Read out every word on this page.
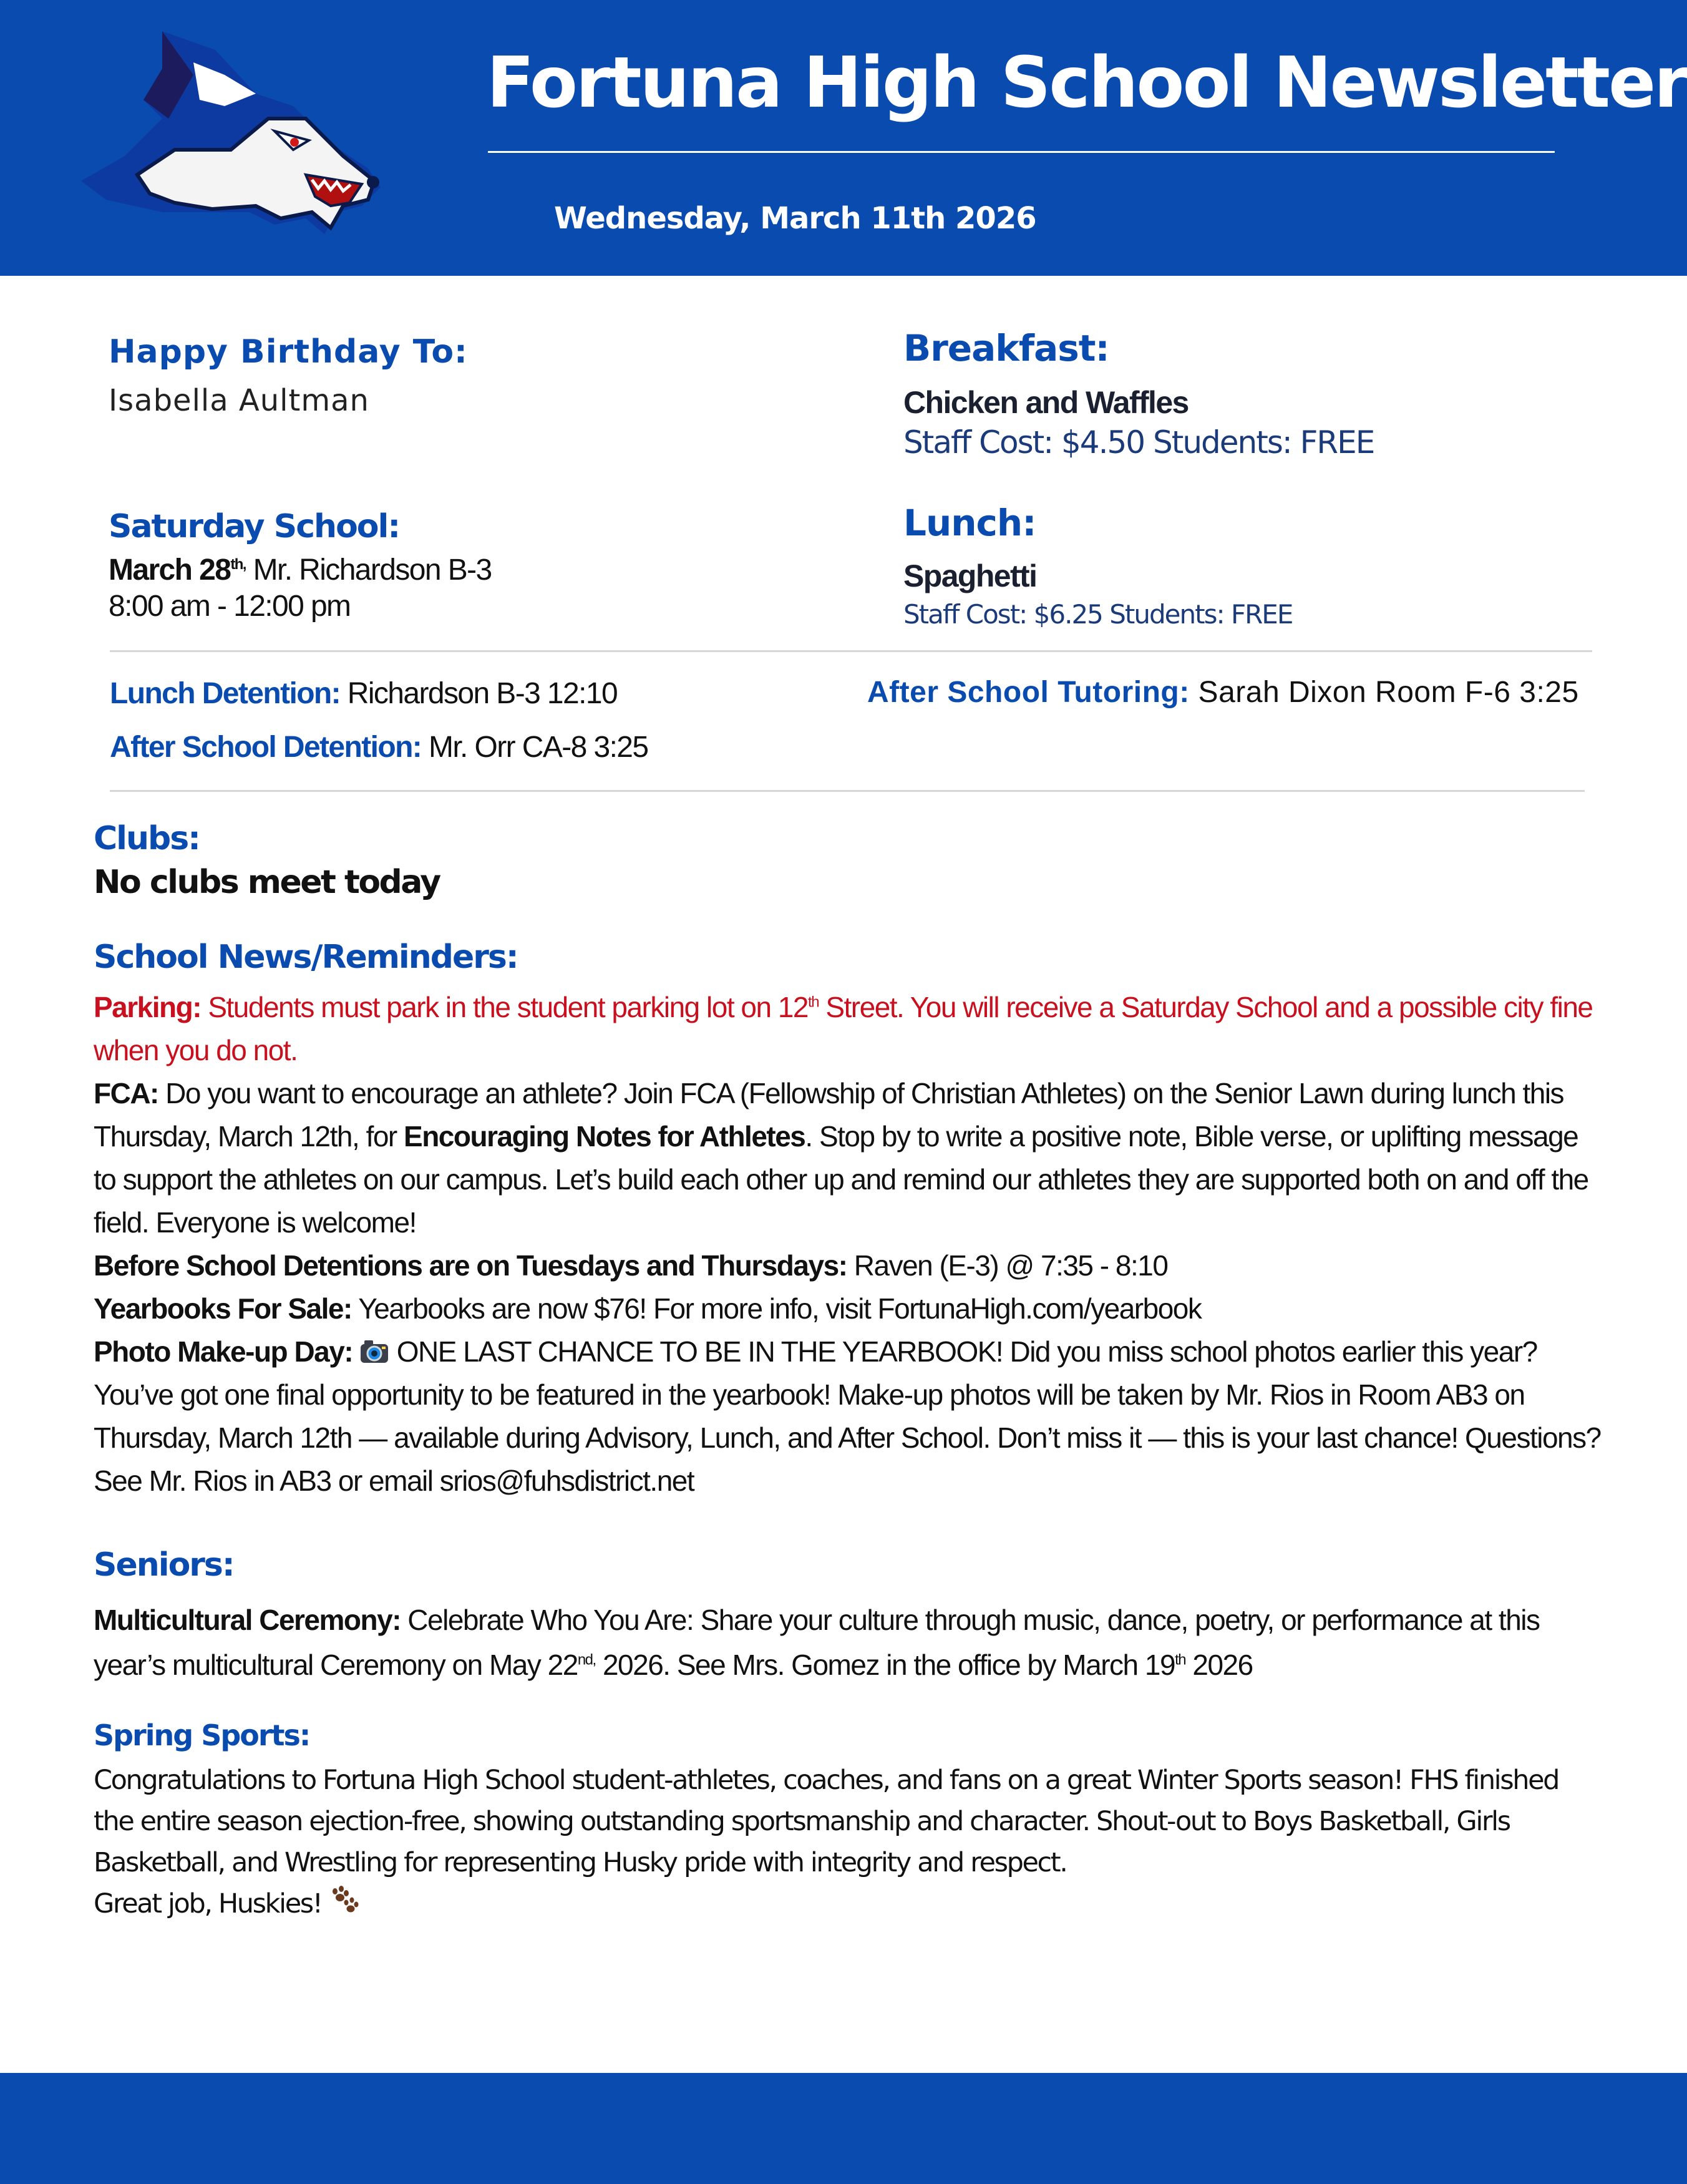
Fortuna High School Newsletter
Wednesday, March 11th 2026
Happy Birthday To:
Isabella Aultman
Saturday School:
March $28^{th,}$ Mr. Richardson B-3
8:00 am - 12:00 pm
Breakfast:
Chicken and Waffles
Staff Cost: $4.50 Students: FREE
Lunch:
Spaghetti
Staff Cost: $6.25 Students: FREE
Lunch Detention: Richardson B-3 12:10
After School Detention: Mr. Orr CA-8 3:25
After School Tutoring: Sarah Dixon Room F-6 3:25
Clubs:
No clubs meet today
School News/Reminders:
Parking: Students must park in the student parking lot on 12th Street. You will receive a Saturday School and a possible city fine when you do not.
FCA: Do you want to encourage an athlete? Join FCA (Fellowship of Christian Athletes) on the Senior Lawn during lunch this Thursday, March 12th, for Encouraging Notes for Athletes. Stop by to write a positive note, Bible verse, or uplifting message to support the athletes on our campus. Let’s build each other up and remind our athletes they are supported both on and off the field. Everyone is welcome!
Before School Detentions are on Tuesdays and Thursdays: Raven (E-3) @ 7:35 - 8:10
Yearbooks For Sale: Yearbooks are now $76! For more info, visit FortunaHigh.com/yearbook
Photo Make-up Day:  ONE LAST CHANCE TO BE IN THE YEARBOOK! Did you miss school photos earlier this year? You’ve got one final opportunity to be featured in the yearbook! Make-up photos will be taken by Mr. Rios in Room AB3 on Thursday, March 12th — available during Advisory, Lunch, and After School. Don’t miss it — this is your last chance! Questions? See Mr. Rios in AB3 or email srios@fuhsdistrict.net
Seniors:
Multicultural Ceremony: Celebrate Who You Are: Share your culture through music, dance, poetry, or performance at this year’s multicultural Ceremony on May $22^{nd,}$ 2026. See Mrs. Gomez in the office by March 19th 2026
Spring Sports:
Congratulations to Fortuna High School student-athletes, coaches, and fans on a great Winter Sports season! FHS finished the entire season ejection-free, showing outstanding sportsmanship and character. Shout-out to Boys Basketball, Girls Basketball, and Wrestling for representing Husky pride with integrity and respect.
Great job, Huskies!
